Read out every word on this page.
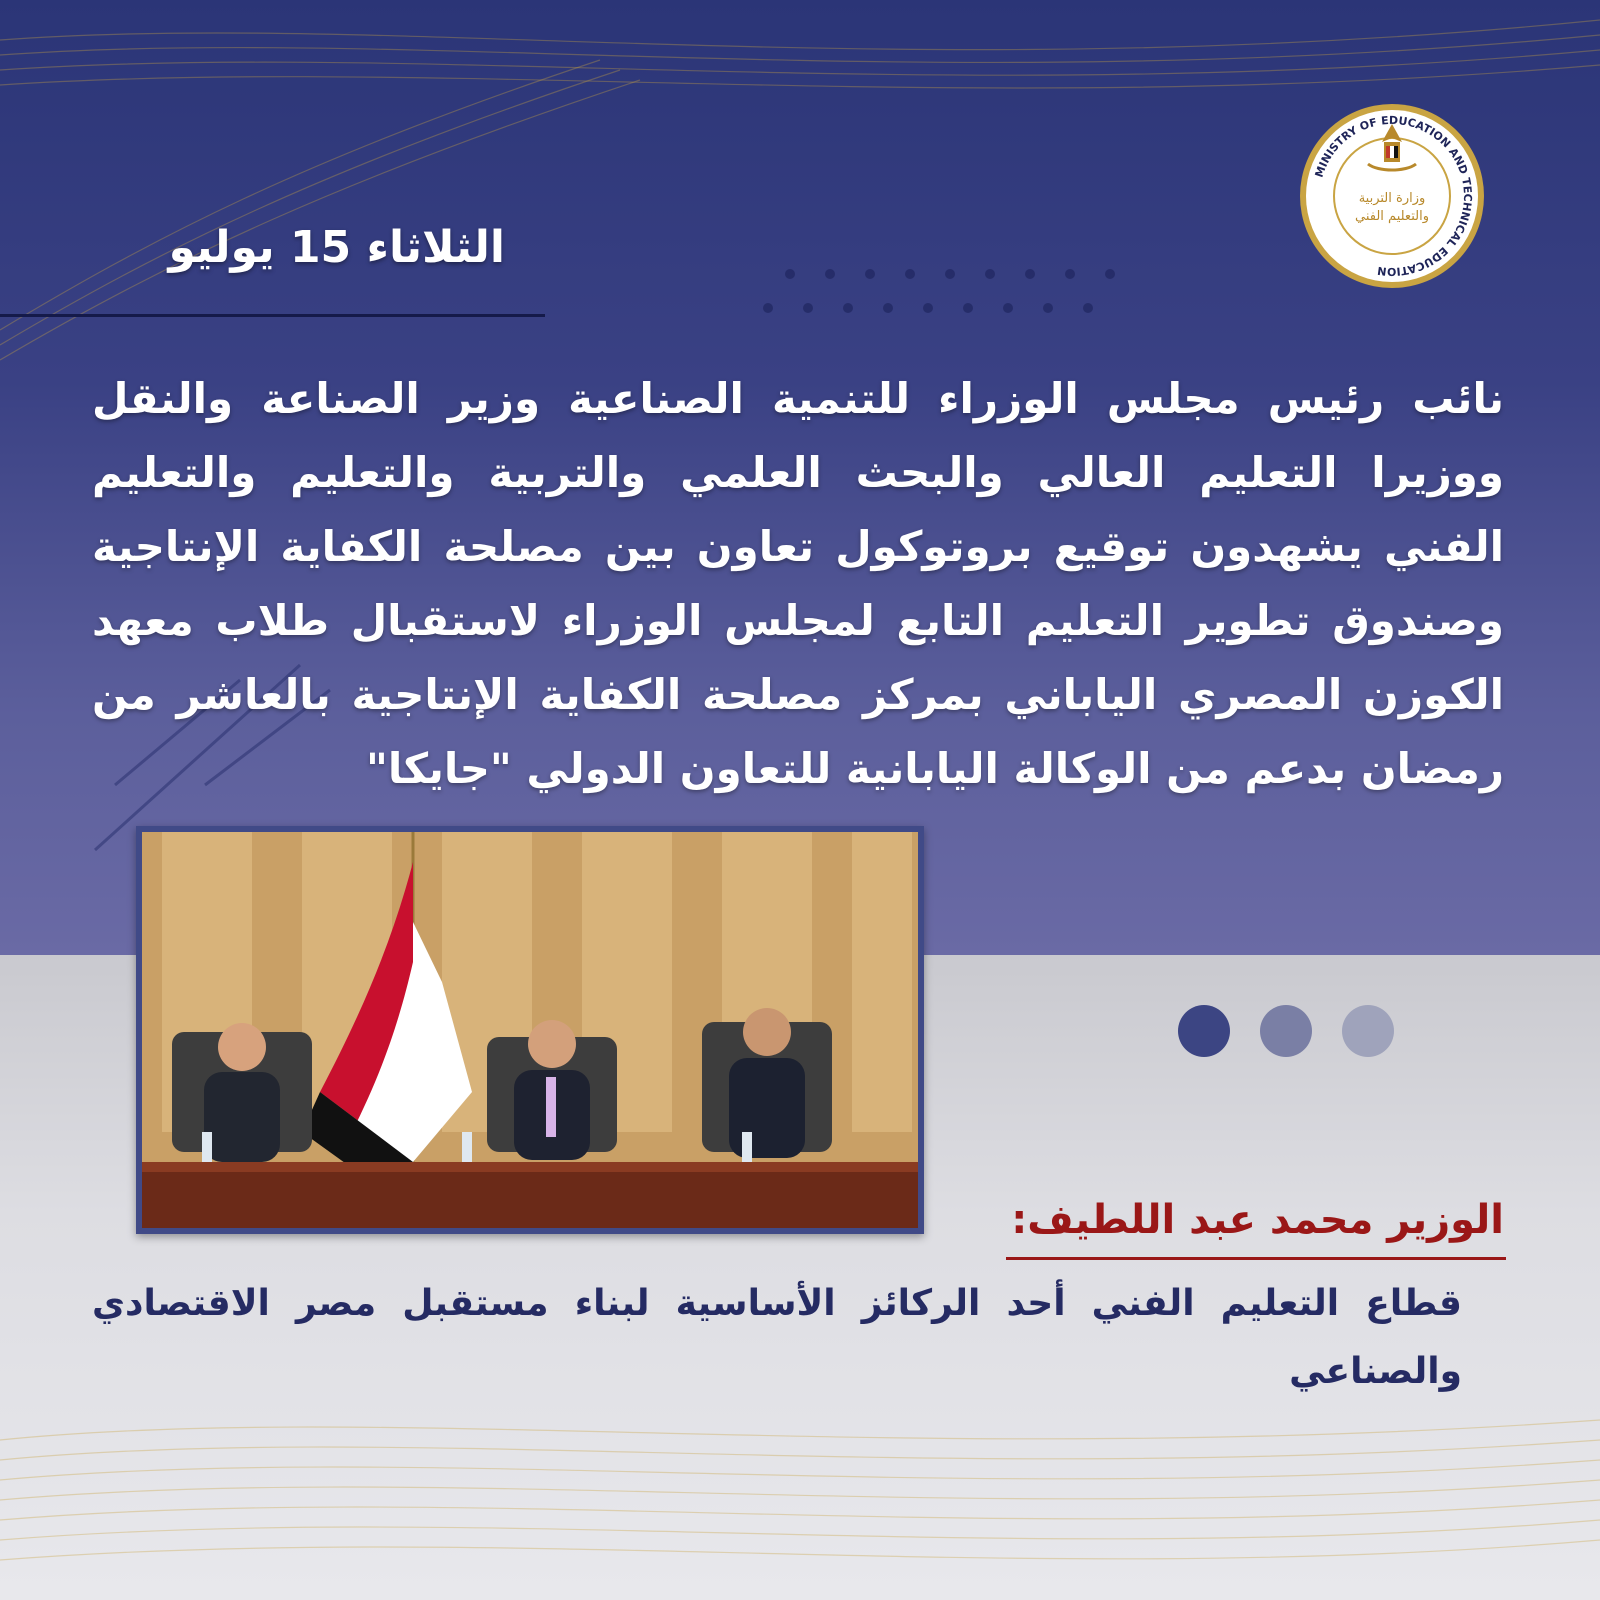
وزارة التربية
والتعليم الفني
MINISTRY OF EDUCATION AND TECHNICAL EDUCATION
الثلاثاء 15 يوليو
نائب رئيس مجلس الوزراء للتنمية الصناعية وزير الصناعة والنقل ووزيرا التعليم العالي والبحث العلمي والتربية والتعليم والتعليم الفني يشهدون توقيع بروتوكول تعاون بين مصلحة الكفاية الإنتاجية وصندوق تطوير التعليم التابع لمجلس الوزراء لاستقبال طلاب معهد الكوزن المصري الياباني بمركز مصلحة الكفاية الإنتاجية بالعاشر من رمضان بدعم من الوكالة اليابانية للتعاون الدولي "جايكا"
الوزير محمد عبد اللطيف:
قطاع التعليم الفني أحد الركائز الأساسية لبناء مستقبل مصر الاقتصادي والصناعي
